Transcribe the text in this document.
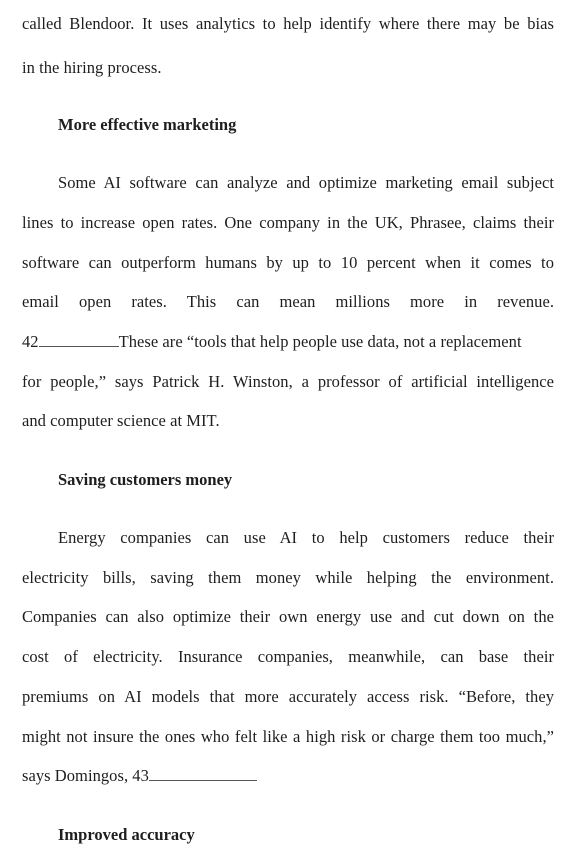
called Blendoor. It uses analytics to help identify where there may be bias
in the hiring process.
More effective marketing
Some AI software can analyze and optimize marketing email subject
lines to increase open rates. One company in the UK, Phrasee, claims their
software can outperform humans by up to 10 percent when it comes to
email open rates. This can mean millions more in revenue.
42	These are “tools that help people use data, not a replacement
for people,” says Patrick H. Winston, a professor of artificial intelligence
and computer science at MIT.
Saving customers money
Energy companies can use AI to help customers reduce their
electricity bills, saving them money while helping the environment.
Companies can also optimize their own energy use and cut down on the
cost of electricity. Insurance companies, meanwhile, can base their
premiums on AI models that more accurately access risk. “Before, they
might not insure the ones who felt like a high risk or charge them too much,”
says Domingos, 43
Improved accuracy
